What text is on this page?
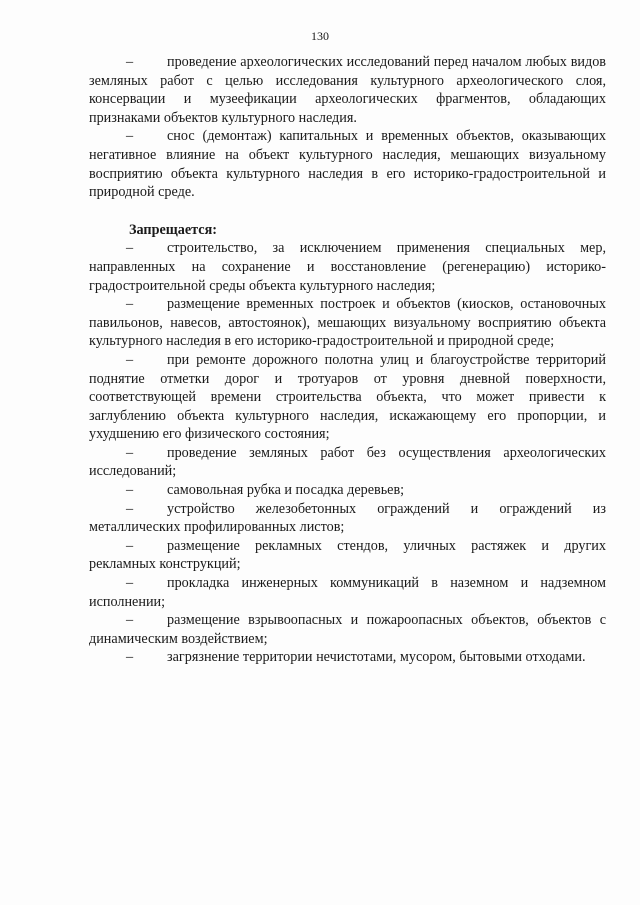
130

– проведение археологических исследований перед началом любых видов земляных работ с целью исследования культурного археологического слоя, консервации и музеефикации археологических фрагментов, обладающих признаками объектов культурного наследия.

– снос (демонтаж) капитальных и временных объектов, оказывающих негативное влияние на объект культурного наследия, мешающих визуальному восприятию объекта культурного наследия в его историко-градостроительной и природной среде.

Запрещается:

– строительство, за исключением применения специальных мер, направленных на сохранение и восстановление (регенерацию) историко-градостроительной среды объекта культурного наследия;

– размещение временных построек и объектов (киосков, остановочных павильонов, навесов, автостоянок), мешающих визуальному восприятию объекта культурного наследия в его историко-градостроительной и природной среде;

– при ремонте дорожного полотна улиц и благоустройстве территорий поднятие отметки дорог и тротуаров от уровня дневной поверхности, соответствующей времени строительства объекта, что может привести к заглублению объекта культурного наследия, искажающему его пропорции, и ухудшению его физического состояния;

– проведение земляных работ без осуществления археологических исследований;

– самовольная рубка и посадка деревьев;

– устройство железобетонных ограждений и ограждений из металлических профилированных листов;

– размещение рекламных стендов, уличных растяжек и других рекламных конструкций;

– прокладка инженерных коммуникаций в наземном и надземном исполнении;

– размещение взрывоопасных и пожароопасных объектов, объектов с динамическим воздействием;

– загрязнение территории нечистотами, мусором, бытовыми отходами.
